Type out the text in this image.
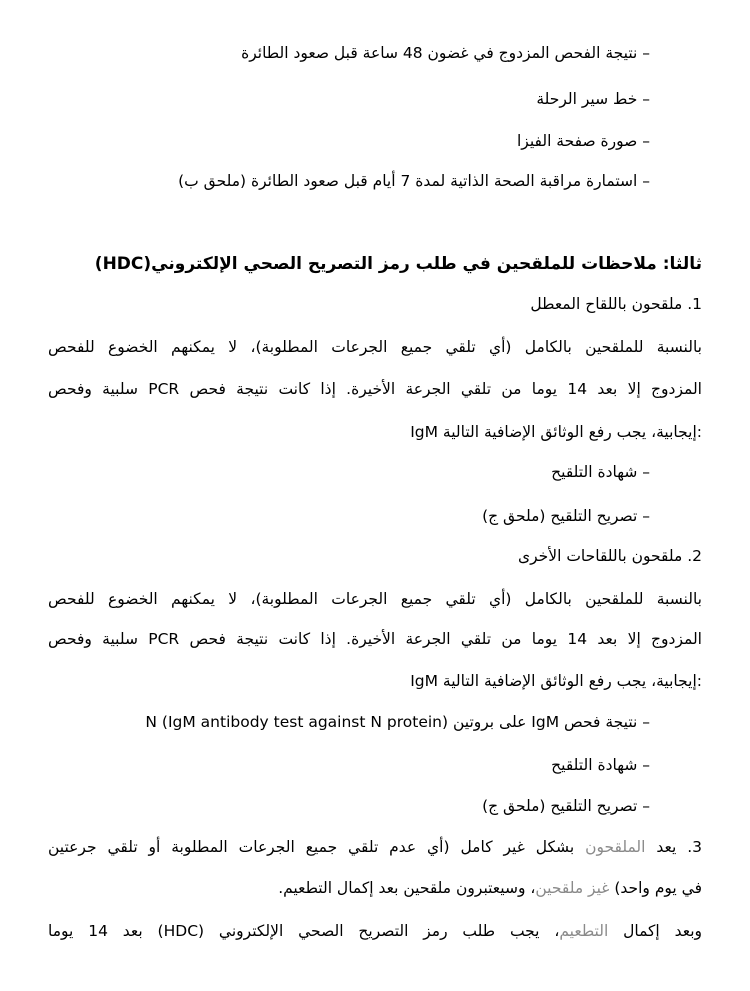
– نتيجة الفحص المزدوج في غضون 48 ساعة قبل صعود الطائرة
– خط سير الرحلة
– صورة صفحة الفيزا
– استمارة مراقبة الصحة الذاتية لمدة 7 أيام قبل صعود الطائرة (ملحق ب)
ثالثا: ملاحظات للملقحين في طلب رمز التصريح الصحي الإلكتروني(HDC)
1. ملقحون باللقاح المعطل
بالنسبة للملقحين بالكامل (أي تلقي جميع الجرعات المطلوبة)، لا يمكنهم الخضوع للفحص
المزدوج إلا بعد 14 يوما من تلقي الجرعة الأخيرة. إذا كانت نتيجة فحص PCR سلبية وفحص
IgM إيجابية، يجب رفع الوثائق الإضافية التالية:
– شهادة التلقيح
– تصريح التلقيح (ملحق ج)
2. ملقحون باللقاحات الأخرى
بالنسبة للملقحين بالكامل (أي تلقي جميع الجرعات المطلوبة)، لا يمكنهم الخضوع للفحص
المزدوج إلا بعد 14 يوما من تلقي الجرعة الأخيرة. إذا كانت نتيجة فحص PCR سلبية وفحص
IgM إيجابية، يجب رفع الوثائق الإضافية التالية:
– نتيجة فحص IgM على بروتين N (IgM antibody test against N protein)
– شهادة التلقيح
– تصريح التلقيح (ملحق ج)
3. يعد الملقحون بشكل غير كامل (أي عدم تلقي جميع الجرعات المطلوبة أو تلقي جرعتين
في يوم واحد) غيز ملقحين، وسيعتبرون ملقحين بعد إكمال التطعيم.
وبعد إكمال التطعيم، يجب طلب رمز التصريح الصحي الإلكتروني (HDC) بعد 14 يوما
